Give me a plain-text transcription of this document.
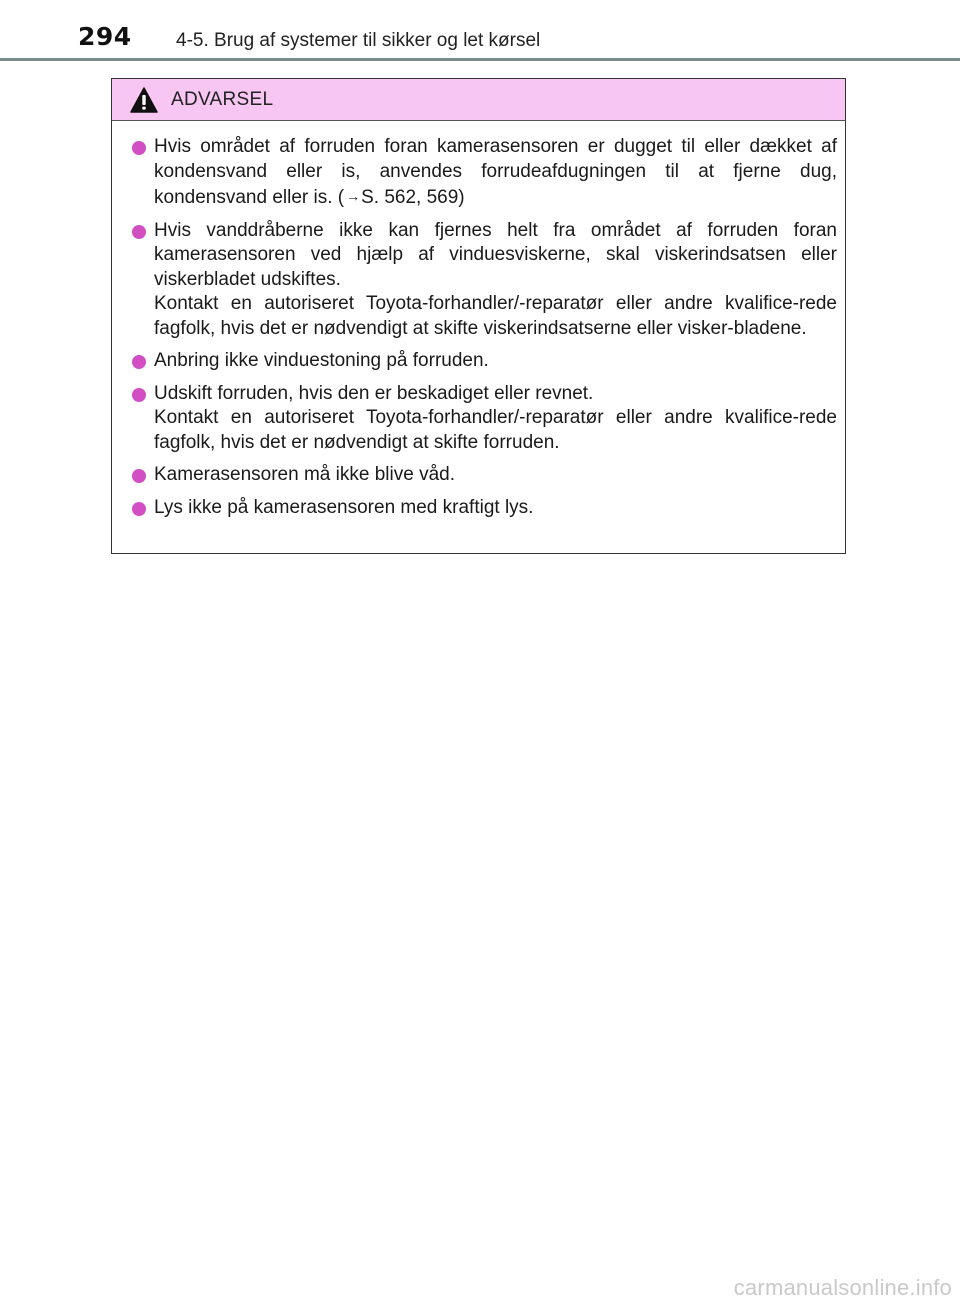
294 4-5. Brug af systemer til sikker og let kørsel
ADVARSEL

Hvis området af forruden foran kamerasensoren er dugget til eller dækket af kondensvand eller is, anvendes forrudeafdugningen til at fjerne dug, kondensvand eller is. ( →S. 562, 569)

Hvis vanddråberne ikke kan fjernes helt fra området af forruden foran kamerasensoren ved hjælp af vinduesviskerne, skal viskerindsatsen eller viskerbladet udskiftes.

Kontakt en autoriseret Toyota-forhandler/-reparatør eller andre kvalifice-rede fagfolk, hvis det er nødvendigt at skifte viskerindsatserne eller visker-bladene.

Anbring ikke vinduestoning på forruden.

Udskift forruden, hvis den er beskadiget eller revnet.

Kontakt en autoriseret Toyota-forhandler/-reparatør eller andre kvalifice-rede fagfolk, hvis det er nødvendigt at skifte forruden.

Kamerasensoren må ikke blive våd.

Lys ikke på kamerasensoren med kraftigt lys.

carmanualsonline.info
